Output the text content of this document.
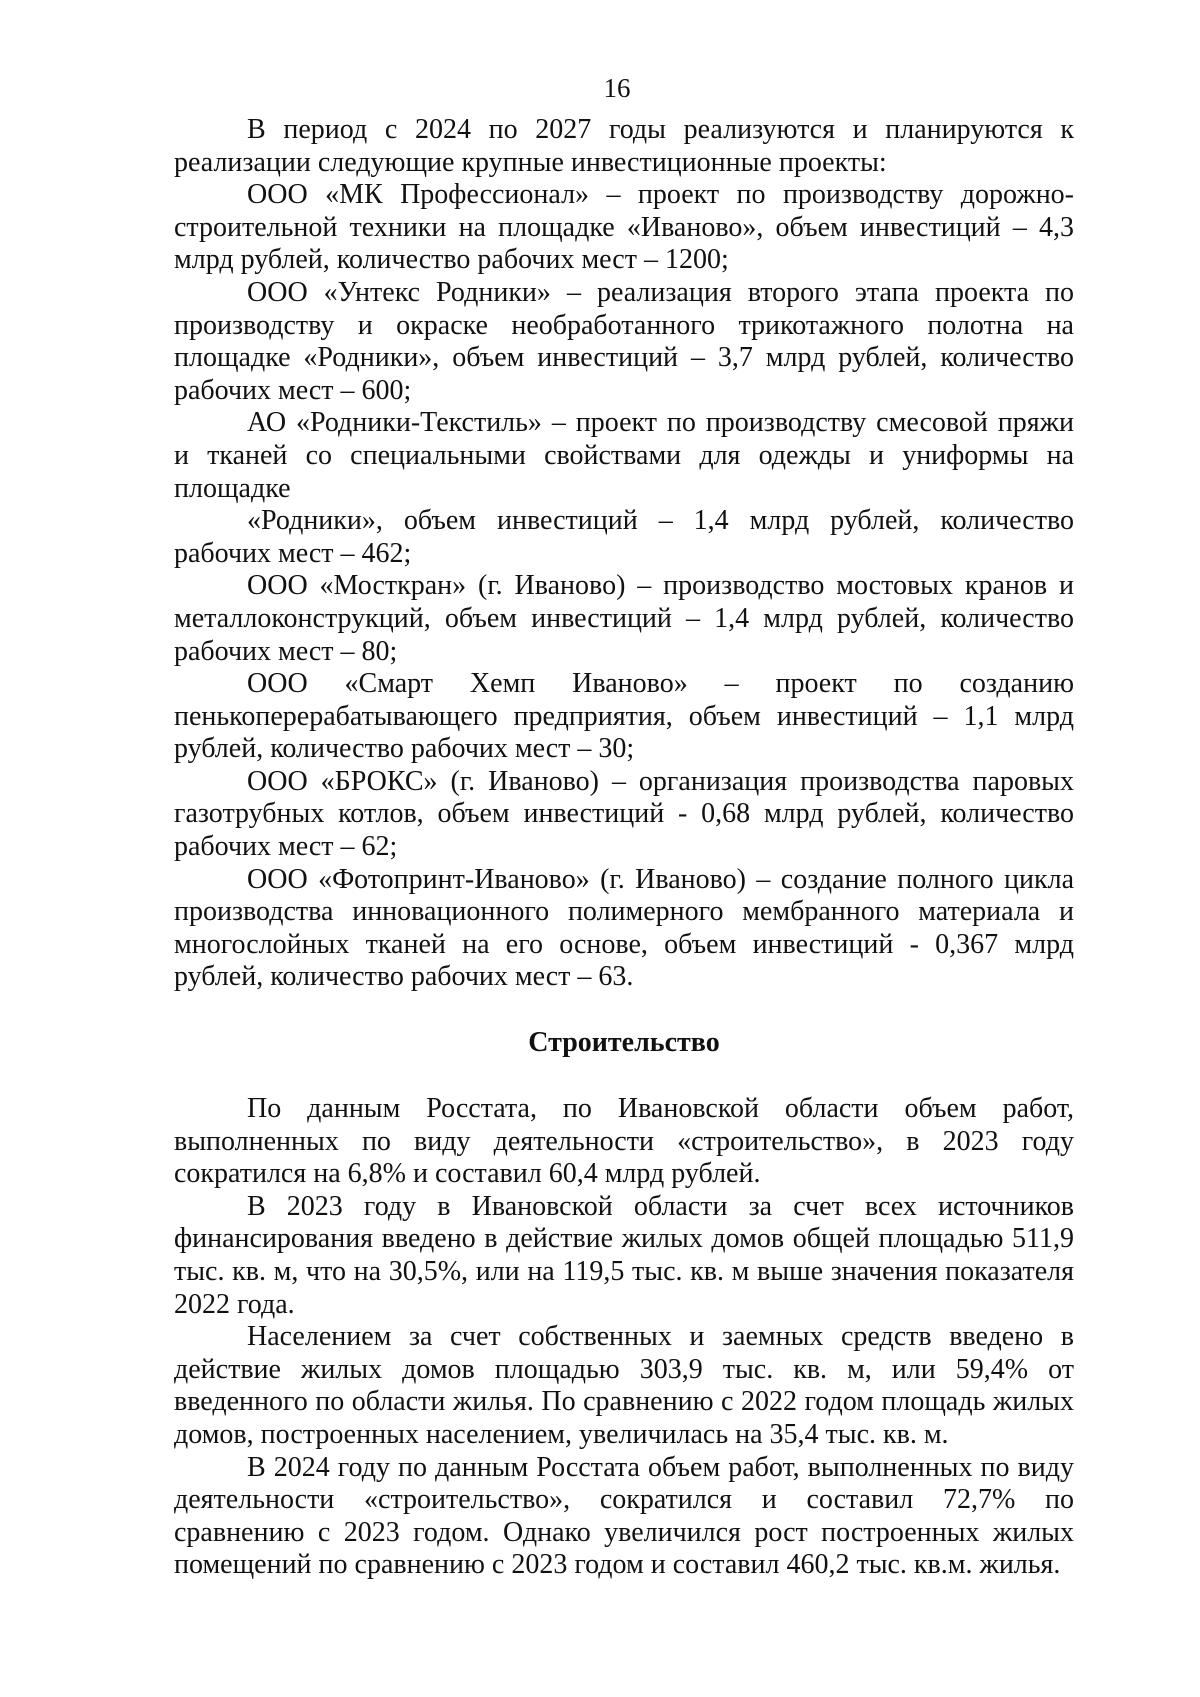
16

В период с 2024 по 2027 годы реализуются и планируются к реализации следующие крупные инвестиционные проекты:

ООО «МК Профессионал» – проект по производству дорожно-строительной техники на площадке «Иваново», объем инвестиций – 4,3 млрд рублей, количество рабочих мест – 1200;

ООО «Унтекс Родники» – реализация второго этапа проекта по производству и окраске необработанного трикотажного полотна на площадке «Родники», объем инвестиций – 3,7 млрд рублей, количество рабочих мест – 600;

АО «Родники-Текстиль» – проект по производству смесовой пряжи и тканей со специальными свойствами для одежды и униформы на площадке

«Родники», объем инвестиций – 1,4 млрд рублей, количество рабочих мест – 462;

ООО «Мосткран» (г. Иваново) – производство мостовых кранов и металлоконструкций, объем инвестиций – 1,4 млрд рублей, количество рабочих мест – 80;

ООО «Смарт Хемп Иваново» – проект по созданию пенькоперерабатывающего предприятия, объем инвестиций – 1,1 млрд рублей, количество рабочих мест – 30;

ООО «БРОКС» (г. Иваново) – организация производства паровых газотрубных котлов, объем инвестиций - 0,68 млрд рублей, количество рабочих мест – 62;

ООО «Фотопринт-Иваново» (г. Иваново) – создание полного цикла производства инновационного полимерного мембранного материала и многослойных тканей на его основе, объем инвестиций - 0,367 млрд рублей, количество рабочих мест – 63.

Строительство

По данным Росстата, по Ивановской области объем работ, выполненных по виду деятельности «строительство», в 2023 году сократился на 6,8% и составил 60,4 млрд рублей.

В 2023 году в Ивановской области за счет всех источников финансирования введено в действие жилых домов общей площадью 511,9 тыс. кв. м, что на 30,5%, или на 119,5 тыс. кв. м выше значения показателя 2022 года.

Населением за счет собственных и заемных средств введено в действие жилых домов площадью 303,9 тыс. кв. м, или 59,4% от введенного по области жилья. По сравнению с 2022 годом площадь жилых домов, построенных населением, увеличилась на 35,4 тыс. кв. м.

В 2024 году по данным Росстата объем работ, выполненных по виду деятельности «строительство», сократился и составил 72,7% по сравнению с 2023 годом. Однако увеличился рост построенных жилых помещений по сравнению с 2023 годом и составил 460,2 тыс. кв.м. жилья.
